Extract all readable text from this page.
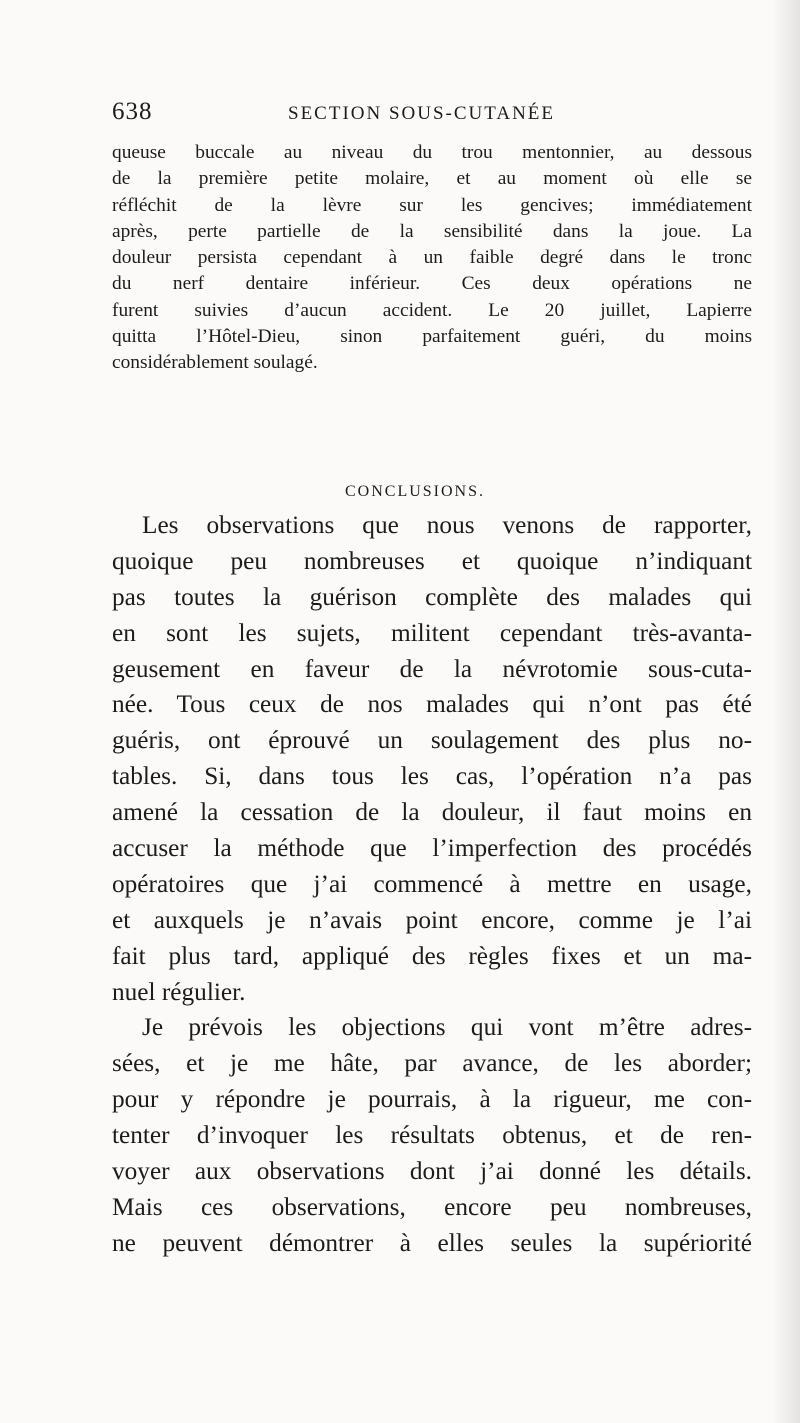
638	SECTION SOUS-CUTANÉE
queuse buccale au niveau du trou mentonnier, au dessous
de la première petite molaire, et au moment où elle se
réfléchit de la lèvre sur les gencives; immédiatement
après, perte partielle de la sensibilité dans la joue. La
douleur persista cependant à un faible degré dans le tronc
du nerf dentaire inférieur. Ces deux opérations ne
furent suivies d’aucun accident. Le 20 juillet, Lapierre
quitta l’Hôtel-Dieu, sinon parfaitement guéri, du moins
considérablement soulagé.
CONCLUSIONS.
Les observations que nous venons de rapporter,
quoique peu nombreuses et quoique n’indiquant
pas toutes la guérison complète des malades qui
en sont les sujets, militent cependant très-avanta-
geusement en faveur de la névrotomie sous-cuta-
née. Tous ceux de nos malades qui n’ont pas été
guéris, ont éprouvé un soulagement des plus no-
tables. Si, dans tous les cas, l’opération n’a pas
amené la cessation de la douleur, il faut moins en
accuser la méthode que l’imperfection des procédés
opératoires que j’ai commencé à mettre en usage,
et auxquels je n’avais point encore, comme je l’ai
fait plus tard, appliqué des règles fixes et un ma-
nuel régulier.
Je prévois les objections qui vont m’être adres-
sées, et je me hâte, par avance, de les aborder;
pour y répondre je pourrais, à la rigueur, me con-
tenter d’invoquer les résultats obtenus, et de ren-
voyer aux observations dont j’ai donné les détails.
Mais ces observations, encore peu nombreuses,
ne peuvent démontrer à elles seules la supériorité
